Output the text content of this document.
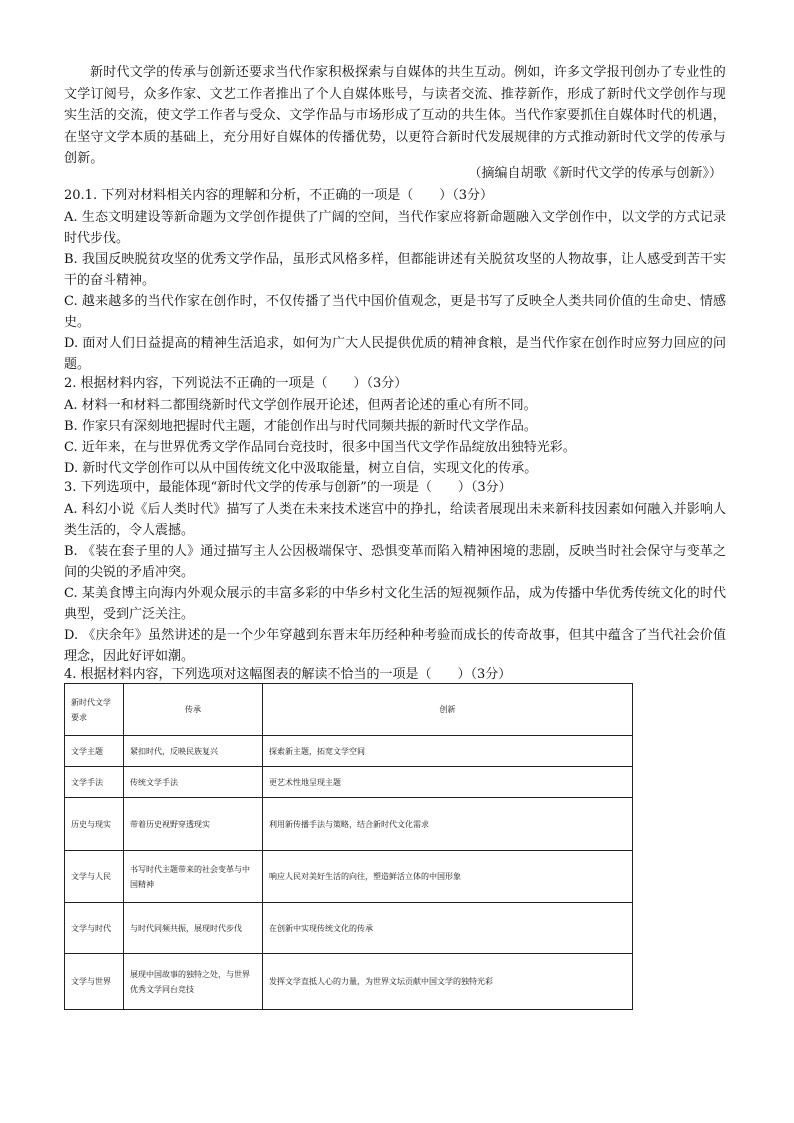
新时代文学的传承与创新还要求当代作家积极探索与自媒体的共生互动。例如，许多文学报刊创办了专业性的文学订阅号，众多作家、文艺工作者推出了个人自媒体账号，与读者交流、推荐新作，形成了新时代文学创作与现实生活的交流，使文学工作者与受众、文学作品与市场形成了互动的共生体。当代作家要抓住自媒体时代的机遇，在坚守文学本质的基础上，充分用好自媒体的传播优势，以更符合新时代发展规律的方式推动新时代文学的传承与创新。

（摘编自胡歌《新时代文学的传承与创新》）
20.1. 下列对材料相关内容的理解和分析，不正确的一项是（　　）（3分）
A. 生态文明建设等新命题为文学创作提供了广阔的空间，当代作家应将新命题融入文学创作中，以文学的方式记录时代步伐。
B. 我国反映脱贫攻坚的优秀文学作品，虽形式风格多样，但都能讲述有关脱贫攻坚的人物故事，让人感受到苦干实干的奋斗精神。
C. 越来越多的当代作家在创作时，不仅传播了当代中国价值观念，更是书写了反映全人类共同价值的生命史、情感史。
D. 面对人们日益提高的精神生活追求，如何为广大人民提供优质的精神食粮，是当代作家在创作时应努力回应的问题。
2. 根据材料内容，下列说法不正确的一项是（　　）（3分）
A. 材料一和材料二都围绕新时代文学创作展开论述，但两者论述的重心有所不同。
B. 作家只有深刻地把握时代主题，才能创作出与时代同频共振的新时代文学作品。
C. 近年来，在与世界优秀文学作品同台竞技时，很多中国当代文学作品绽放出独特光彩。
D. 新时代文学创作可以从中国传统文化中汲取能量，树立自信，实现文化的传承。
3. 下列选项中，最能体现“新时代文学的传承与创新”的一项是（　　）（3分）
A. 科幻小说《后人类时代》描写了人类在未来技术迷宫中的挣扎，给读者展现出未来新科技因素如何融入并影响人类生活的，令人震撼。
B. 《装在套子里的人》通过描写主人公因极端保守、恐惧变革而陷入精神困境的悲剧，反映当时社会保守与变革之间的尖锐的矛盾冲突。
C. 某美食博主向海内外观众展示的丰富多彩的中华乡村文化生活的短视频作品，成为传播中华优秀传统文化的时代典型，受到广泛关注。
D. 《庆余年》虽然讲述的是一个少年穿越到东晋末年历经种种考验而成长的传奇故事，但其中蕴含了当代社会价值理念，因此好评如潮。
4. 根据材料内容，下列选项对这幅图表的解读不恰当的一项是（　　）（3分）
新时代文学要求	传承	创新
文学主题	紧扣时代，反映民族复兴	探索新主题，拓宽文学空间
文学手法	传统文学手法	更艺术性地呈现主题
历史与现实	带着历史视野穿透现实	利用新传播手法与策略，结合新时代文化需求
文学与人民	书写时代主题带来的社会变革与中国精神	响应人民对美好生活的向往，塑造鲜活立体的中国形象
文学与时代	与时代同频共振，展现时代步伐	在创新中实现传统文化的传承
文学与世界	展现中国故事的独特之处，与世界优秀文学同台竞技	发挥文学直抵人心的力量，为世界文坛贡献中国文学的独特光彩
